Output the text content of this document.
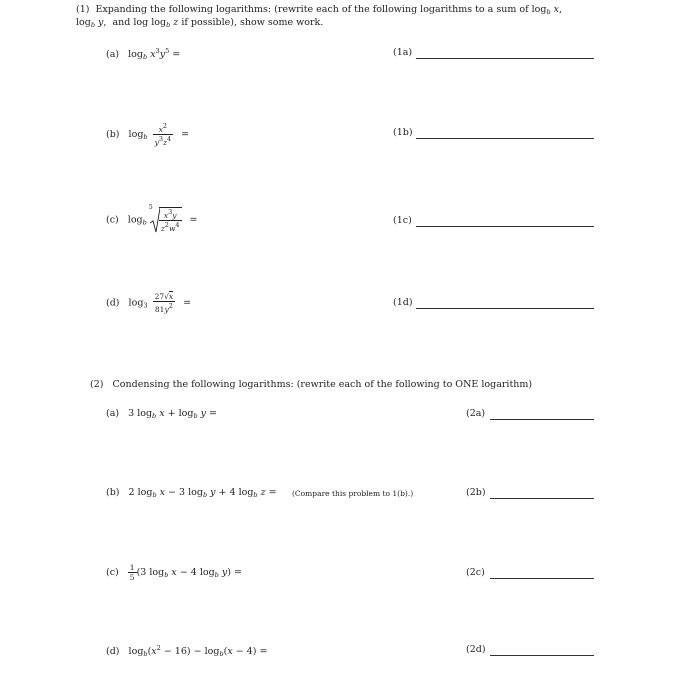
(1) Expanding the following logarithms: (rewrite each of the following logarithms to a sum of $\log_b x$,
$\log_b y$,  and $\log \log_b z$ if possible), show some work.
(a)   $\log_b x^3y^5$ =	(1a)
(b)   $\log_b \frac{x^2}{y^3z^4}$ =	(1b)
(c)   $\log_b$
$5 \frac{x^3y}{z^2w^4}$ =	(1c)
(d)   $\log_3 \frac{27√x}{81y^2}$ =	(1d)
(2) Condensing the following logarithms: (rewrite each of the following to ONE logarithm)
(a)   3 $\log_b x + \log_b y$ =	(2a)
(b)   2 $\log_b x - 3$ $\log_b y + 4$ $\log_b z$ = (Compare this problem to 1(b).)	(2b)
$(c) \frac{1}{5} (3$ $\log_b x - 4$ $\log_b y$) =	(2c)
(d)   $\log_b(x^2 - 16) - \log_b(x - 4)$ =	(2d)
